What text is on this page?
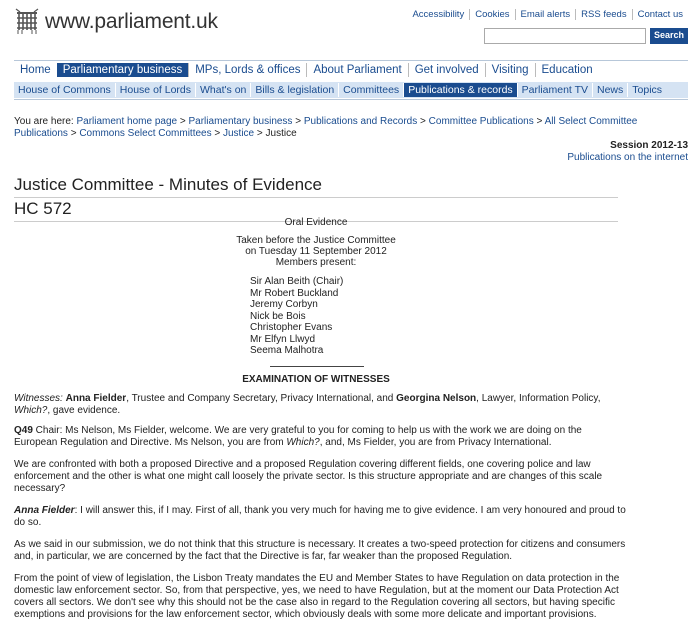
www.parliament.uk	Accessibility Cookies Email alerts RSS feeds Contact us
Search
Home	Parliamentary business	MPs, Lords & offices	About Parliament	Get involved	Visiting	Education
House of Commons House of Lords What's on Bills & legislation Committees Publications & records Parliament TV News Topics
You are here: Parliament home page > Parliamentary business > Publications and Records > Committee Publications > All Select Committee Publications > Commons Select Committees > Justice > Justice
Session 2012-13
Publications on the internet
Justice Committee - Minutes of Evidence
HC 572
Oral Evidence
Taken before the Justice Committee
on Tuesday 11 September 2012
Members present:
Sir Alan Beith (Chair)
Mr Robert Buckland
Jeremy Corbyn
Nick be Bois
Christopher Evans
Mr Elfyn Llwyd
Seema Malhotra
EXAMINATION OF WITNESSES
Witnesses: Anna Fielder, Trustee and Company Secretary, Privacy International, and Georgina Nelson, Lawyer, Information Policy, Which?, gave evidence.
Q49 Chair: Ms Nelson, Ms Fielder, welcome. We are very grateful to you for coming to help us with the work we are doing on the European Regulation and Directive. Ms Nelson, you are from Which?, and, Ms Fielder, you are from Privacy International.
We are confronted with both a proposed Directive and a proposed Regulation covering different fields, one covering police and law enforcement and the other is what one might call loosely the private sector. Is this structure appropriate and are changes of this scale necessary?
Anna Fielder: I will answer this, if I may. First of all, thank you very much for having me to give evidence. I am very honoured and proud to do so.
As we said in our submission, we do not think that this structure is necessary. It creates a two-speed protection for citizens and consumers and, in particular, we are concerned by the fact that the Directive is far, far weaker than the proposed Regulation.
From the point of view of legislation, the Lisbon Treaty mandates the EU and Member States to have Regulation on data protection in the domestic law enforcement sector. So, from that perspective, yes, we need to have Regulation, but at the moment our Data Protection Act covers all sectors. We don't see why this should not be the case also in regard to the Regulation covering all sectors, but having specific exemptions and provisions for the law enforcement sector, which obviously deals with some more delicate and important provisions.
